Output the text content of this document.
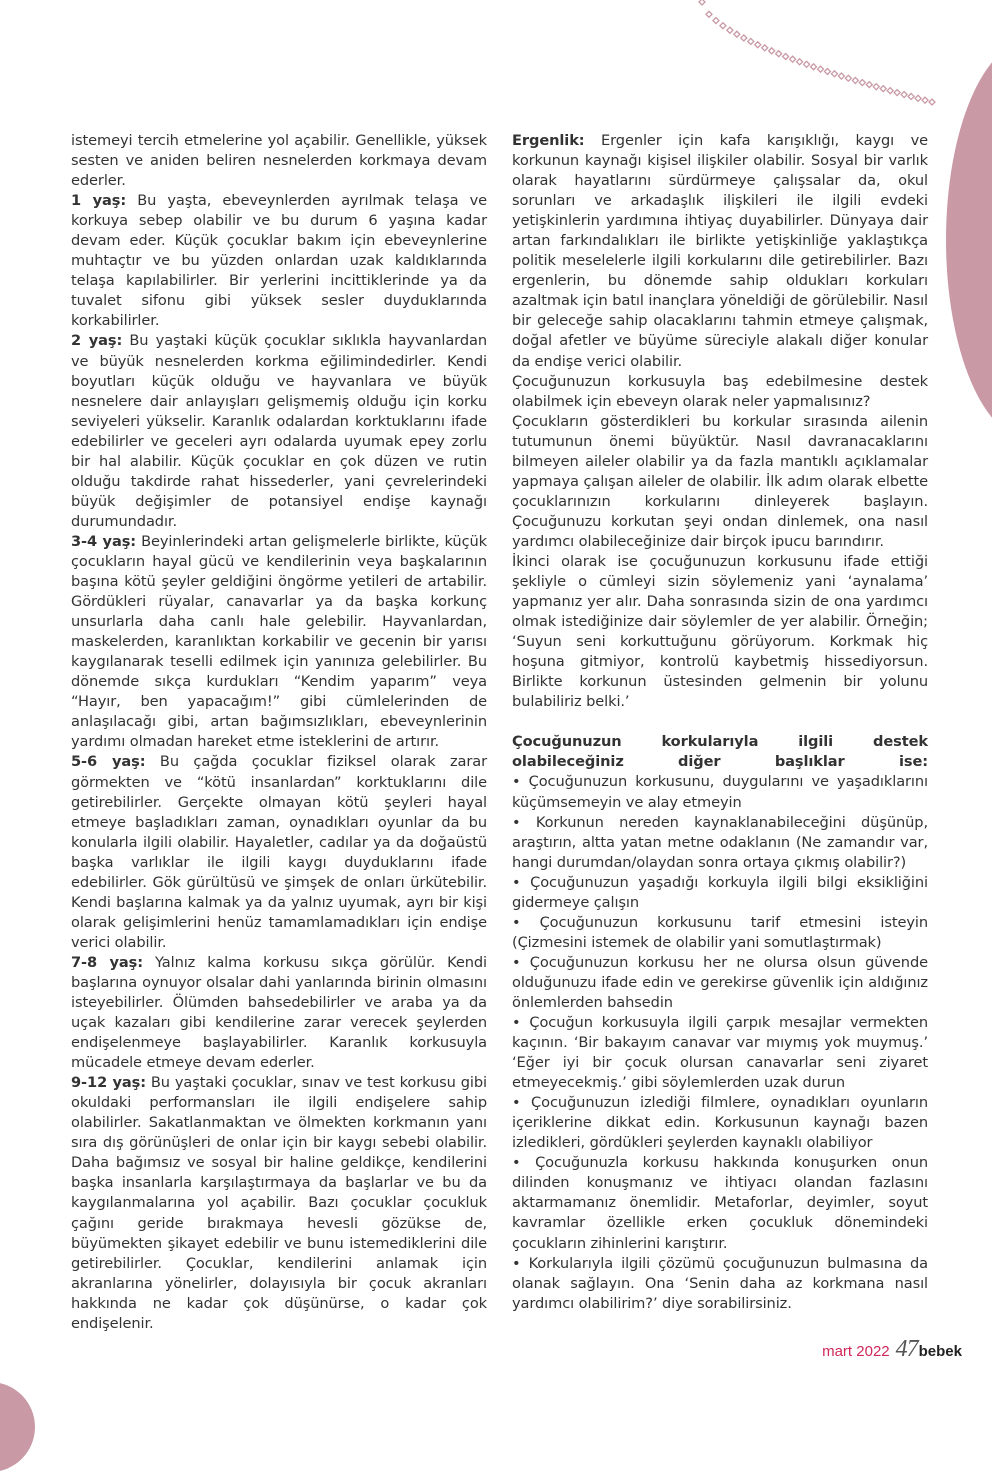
istemeyi tercih etmelerine yol açabilir. Genellikle, yüksek sesten ve aniden beliren nesnelerden korkmaya devam ederler.

1 yaş: Bu yaşta, ebeveynlerden ayrılmak telaşa ve korkuya sebep olabilir ve bu durum 6 yaşına kadar devam eder. Küçük çocuklar bakım için ebeveynlerine muhtaçtır ve bu yüzden onlardan uzak kaldıklarında telaşa kapılabilirler. Bir yerlerini incittiklerinde ya da tuvalet sifonu gibi yüksek sesler duyduklarında korkabilirler.

2 yaş: Bu yaştaki küçük çocuklar sıklıkla hayvanlardan ve büyük nesnelerden korkma eğilimindedirler. Kendi boyutları küçük olduğu ve hayvanlara ve büyük nesnelere dair anlayışları gelişmemiş olduğu için korku seviyeleri yükselir. Karanlık odalardan korktuklarını ifade edebilirler ve geceleri ayrı odalarda uyumak epey zorlu bir hal alabilir. Küçük çocuklar en çok düzen ve rutin olduğu takdirde rahat hissederler, yani çevrelerindeki büyük değişimler de potansiyel endişe kaynağı durumundadır.

3-4 yaş: Beyinlerindeki artan gelişmelerle birlikte, küçük çocukların hayal gücü ve kendilerinin veya başkalarının başına kötü şeyler geldiğini öngörme yetileri de artabilir. Gördükleri rüyalar, canavarlar ya da başka korkunç unsurlarla daha canlı hale gelebilir. Hayvanlardan, maskelerden, karanlıktan korkabilir ve gecenin bir yarısı kaygılanarak teselli edilmek için yanınıza gelebilirler. Bu dönemde sıkça kurdukları “Kendim yaparım” veya “Hayır, ben yapacağım!” gibi cümlelerinden de anlaşılacağı gibi, artan bağımsızlıkları, ebeveynlerinin yardımı olmadan hareket etme isteklerini de artırır.

5-6 yaş: Bu çağda çocuklar fiziksel olarak zarar görmekten ve “kötü insanlardan” korktuklarını dile getirebilirler. Gerçekte olmayan kötü şeyleri hayal etmeye başladıkları zaman, oynadıkları oyunlar da bu konularla ilgili olabilir. Hayaletler, cadılar ya da doğaüstü başka varlıklar ile ilgili kaygı duyduklarını ifade edebilirler. Gök gürültüsü ve şimşek de onları ürkütebilir. Kendi başlarına kalmak ya da yalnız uyumak, ayrı bir kişi olarak gelişimlerini henüz tamamlamadıkları için endişe verici olabilir.

7-8 yaş: Yalnız kalma korkusu sıkça görülür. Kendi başlarına oynuyor olsalar dahi yanlarında birinin olmasını isteyebilirler. Ölümden bahsedebilirler ve araba ya da uçak kazaları gibi kendilerine zarar verecek şeylerden endişelenmeye başlayabilirler. Karanlık korkusuyla mücadele etmeye devam ederler.

9-12 yaş: Bu yaştaki çocuklar, sınav ve test korkusu gibi okuldaki performansları ile ilgili endişelere sahip olabilirler. Sakatlanmaktan ve ölmekten korkmanın yanı sıra dış görünüşleri de onlar için bir kaygı sebebi olabilir. Daha bağımsız ve sosyal bir haline geldikçe, kendilerini başka insanlarla karşılaştırmaya da başlarlar ve bu da kaygılanmalarına yol açabilir. Bazı çocuklar çocukluk çağını geride bırakmaya hevesli gözükse de, büyümekten şikayet edebilir ve bunu istemediklerini dile getirebilirler. Çocuklar, kendilerini anlamak için akranlarına yönelirler, dolayısıyla bir çocuk akranları hakkında ne kadar çok düşünürse, o kadar çok endişelenir.

Ergenlik: Ergenler için kafa karışıklığı, kaygı ve korkunun kaynağı kişisel ilişkiler olabilir. Sosyal bir varlık olarak hayatlarını sürdürmeye çalışsalar da, okul sorunları ve arkadaşlık ilişkileri ile ilgili evdeki yetişkinlerin yardımına ihtiyaç duyabilirler. Dünyaya dair artan farkındalıkları ile birlikte yetişkinliğe yaklaştıkça politik meselelerle ilgili korkularını dile getirebilirler. Bazı ergenlerin, bu dönemde sahip oldukları korkuları azaltmak için batıl inançlara yöneldiği de görülebilir. Nasıl bir geleceğe sahip olacaklarını tahmin etmeye çalışmak, doğal afetler ve büyüme süreciyle alakalı diğer konular da endişe verici olabilir.

Çocuğunuzun korkusuyla baş edebilmesine destek olabilmek için ebeveyn olarak neler yapmalısınız?

Çocukların gösterdikleri bu korkular sırasında ailenin tutumunun önemi büyüktür. Nasıl davranacaklarını bilmeyen aileler olabilir ya da fazla mantıklı açıklamalar yapmaya çalışan aileler de olabilir. İlk adım olarak elbette çocuklarınızın korkularını dinleyerek başlayın. Çocuğunuzu korkutan şeyi ondan dinlemek, ona nasıl yardımcı olabileceğinize dair birçok ipucu barındırır.

İkinci olarak ise çocuğunuzun korkusunu ifade ettiği şekliyle o cümleyi sizin söylemeniz yani ‘aynalama’ yapmanız yer alır. Daha sonrasında sizin de ona yardımcı olmak istediğinize dair söylemler de yer alabilir. Örneğin; ‘Suyun seni korkuttuğunu görüyorum. Korkmak hiç hoşuna gitmiyor, kontrolü kaybetmiş hissediyorsun. Birlikte korkunun üstesinden gelmenin bir yolunu bulabiliriz belki.’

Çocuğunuzun korkularıyla ilgili destek olabileceğiniz diğer başlıklar ise:

• Çocuğunuzun korkusunu, duygularını ve yaşadıklarını küçümsemeyin ve alay etmeyin

• Korkunun nereden kaynaklanabileceğini düşünüp, araştırın, altta yatan metne odaklanın (Ne zamandır var, hangi durumdan/olaydan sonra ortaya çıkmış olabilir?)

• Çocuğunuzun yaşadığı korkuyla ilgili bilgi eksikliğini gidermeye çalışın

• Çocuğunuzun korkusunu tarif etmesini isteyin (Çizmesini istemek de olabilir yani somutlaştırmak)

• Çocuğunuzun korkusu her ne olursa olsun güvende olduğunuzu ifade edin ve gerekirse güvenlik için aldığınız önlemlerden bahsedin

• Çocuğun korkusuyla ilgili çarpık mesajlar vermekten kaçının. ‘Bir bakayım canavar var mıymış yok muymuş.’ ‘Eğer iyi bir çocuk olursan canavarlar seni ziyaret etmeyecekmiş.’ gibi söylemlerden uzak durun

• Çocuğunuzun izlediği filmlere, oynadıkları oyunların içeriklerine dikkat edin. Korkusunun kaynağı bazen izledikleri, gördükleri şeylerden kaynaklı olabiliyor

• Çocuğunuzla korkusu hakkında konuşurken onun dilinden konuşmanız ve ihtiyacı olandan fazlasını aktarmamanız önemlidir. Metaforlar, deyimler, soyut kavramlar özellikle erken çocukluk dönemindeki çocukların zihinlerini karıştırır.

• Korkularıyla ilgili çözümü çocuğunuzun bulmasına da olanak sağlayın. Ona ‘Senin daha az korkmana nasıl yardımcı olabilirim?’ diye sorabilirsiniz.

mart 2022 47 bebek
